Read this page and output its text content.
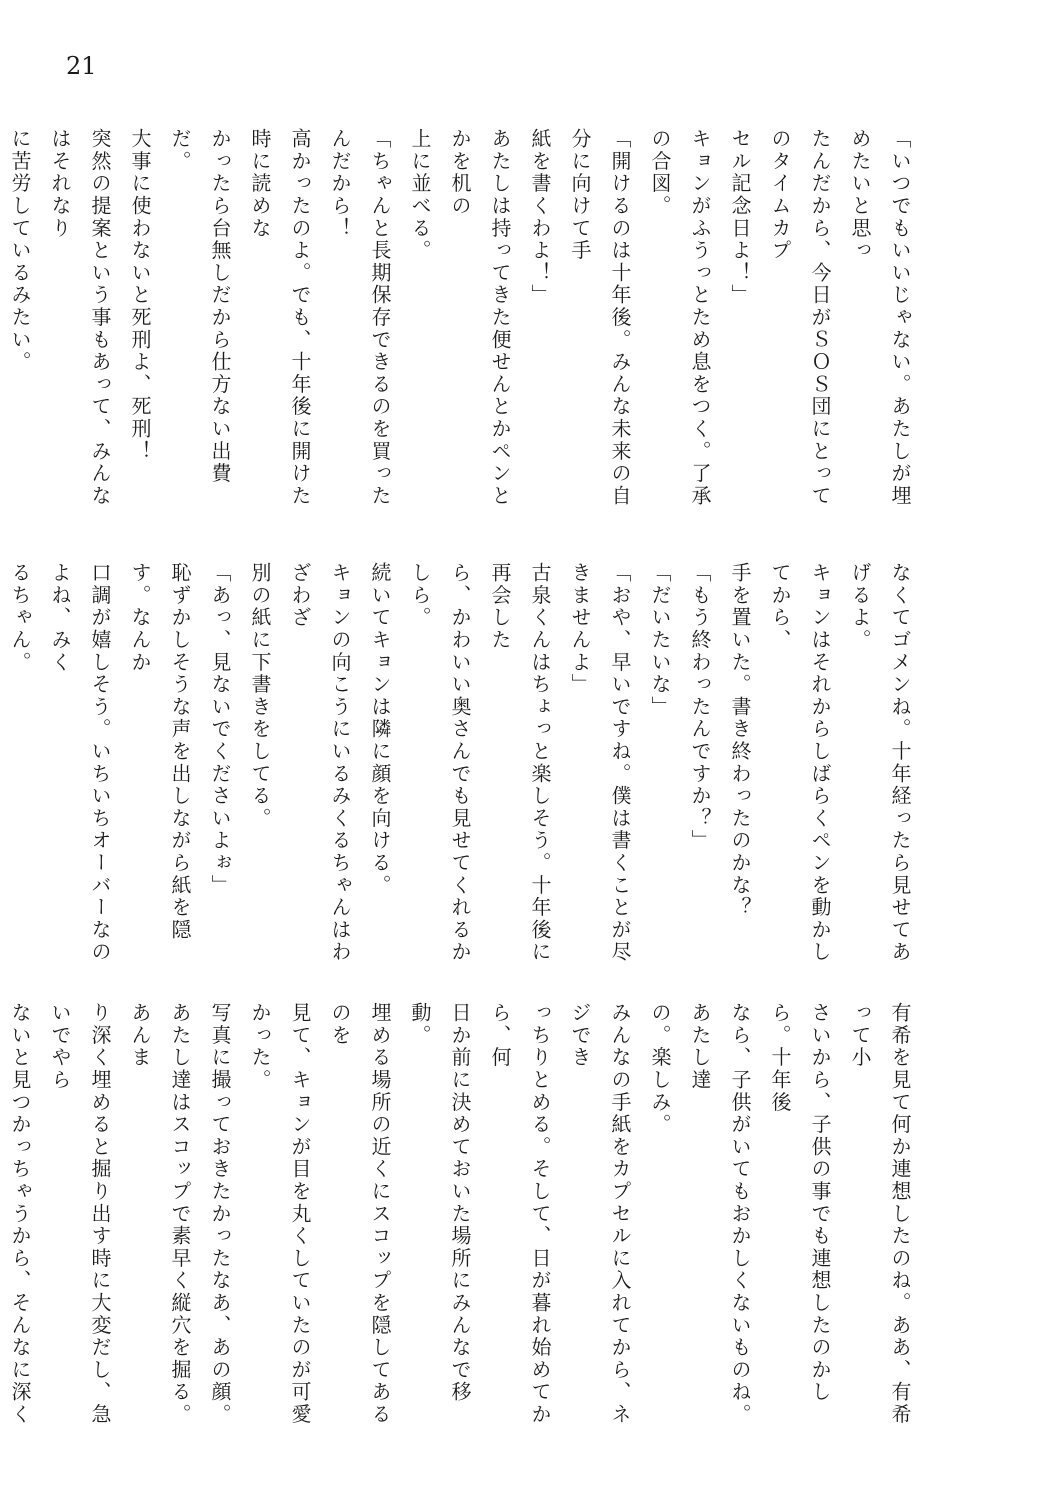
21

「いつでもいいじゃない。あたしが埋めたいと思っ

たんだから、今日がＳＯＳ団にとってのタイムカプ

セル記念日よ！」

キョンがふうっとため息をつく。了承の合図。

「開けるのは十年後。みんな未来の自分に向けて手

紙を書くわよ！」

あたしは持ってきた便せんとかペンとかを机の

上に並べる。

「ちゃんと長期保存できるのを買ったんだから！

高かったのよ。でも、十年後に開けた時に読めな

かったら台無しだから仕方ない出費だ。

大事に使わないと死刑よ、死刑！

突然の提案という事もあって、みんなはそれなり

に苦労しているみたい。

なくてゴメンね。十年経ったら見せてあげるよ。

キョンはそれからしばらくペンを動かしてから、

手を置いた。書き終わったのかな？

「もう終わったんですか？」

「だいたいな」

「おや、早いですね。僕は書くことが尽きませんよ」

古泉くんはちょっと楽しそう。十年後に再会した

ら、かわいい奥さんでも見せてくれるかしら。

続いてキョンは隣に顔を向ける。

キョンの向こうにいるみくるちゃんはわざわざ

別の紙に下書きをしてる。

「あっ、見ないでくださいよぉ」

恥ずかしそうな声を出しながら紙を隠す。なんか

口調が嬉しそう。いちいちオーバーなのよね、みく

るちゃん。

有希を見て何か連想したのね。ああ、有希って小

さいから、子供の事でも連想したのかしら。十年後

なら、子供がいてもおかしくないものね。あたし達

の。楽しみ。

みんなの手紙をカプセルに入れてから、ネジでき

っちりとめる。そして、日が暮れ始めてから、何

日か前に決めておいた場所にみんなで移動。

埋める場所の近くにスコップを隠してあるのを

見て、キョンが目を丸くしていたのが可愛かった。

写真に撮っておきたかったなあ、あの顔。

あたし達はスコップで素早く縦穴を掘る。あんま

り深く埋めると掘り出す時に大変だし、急いでやら

ないと見つかっちゃうから、そんなに深く
